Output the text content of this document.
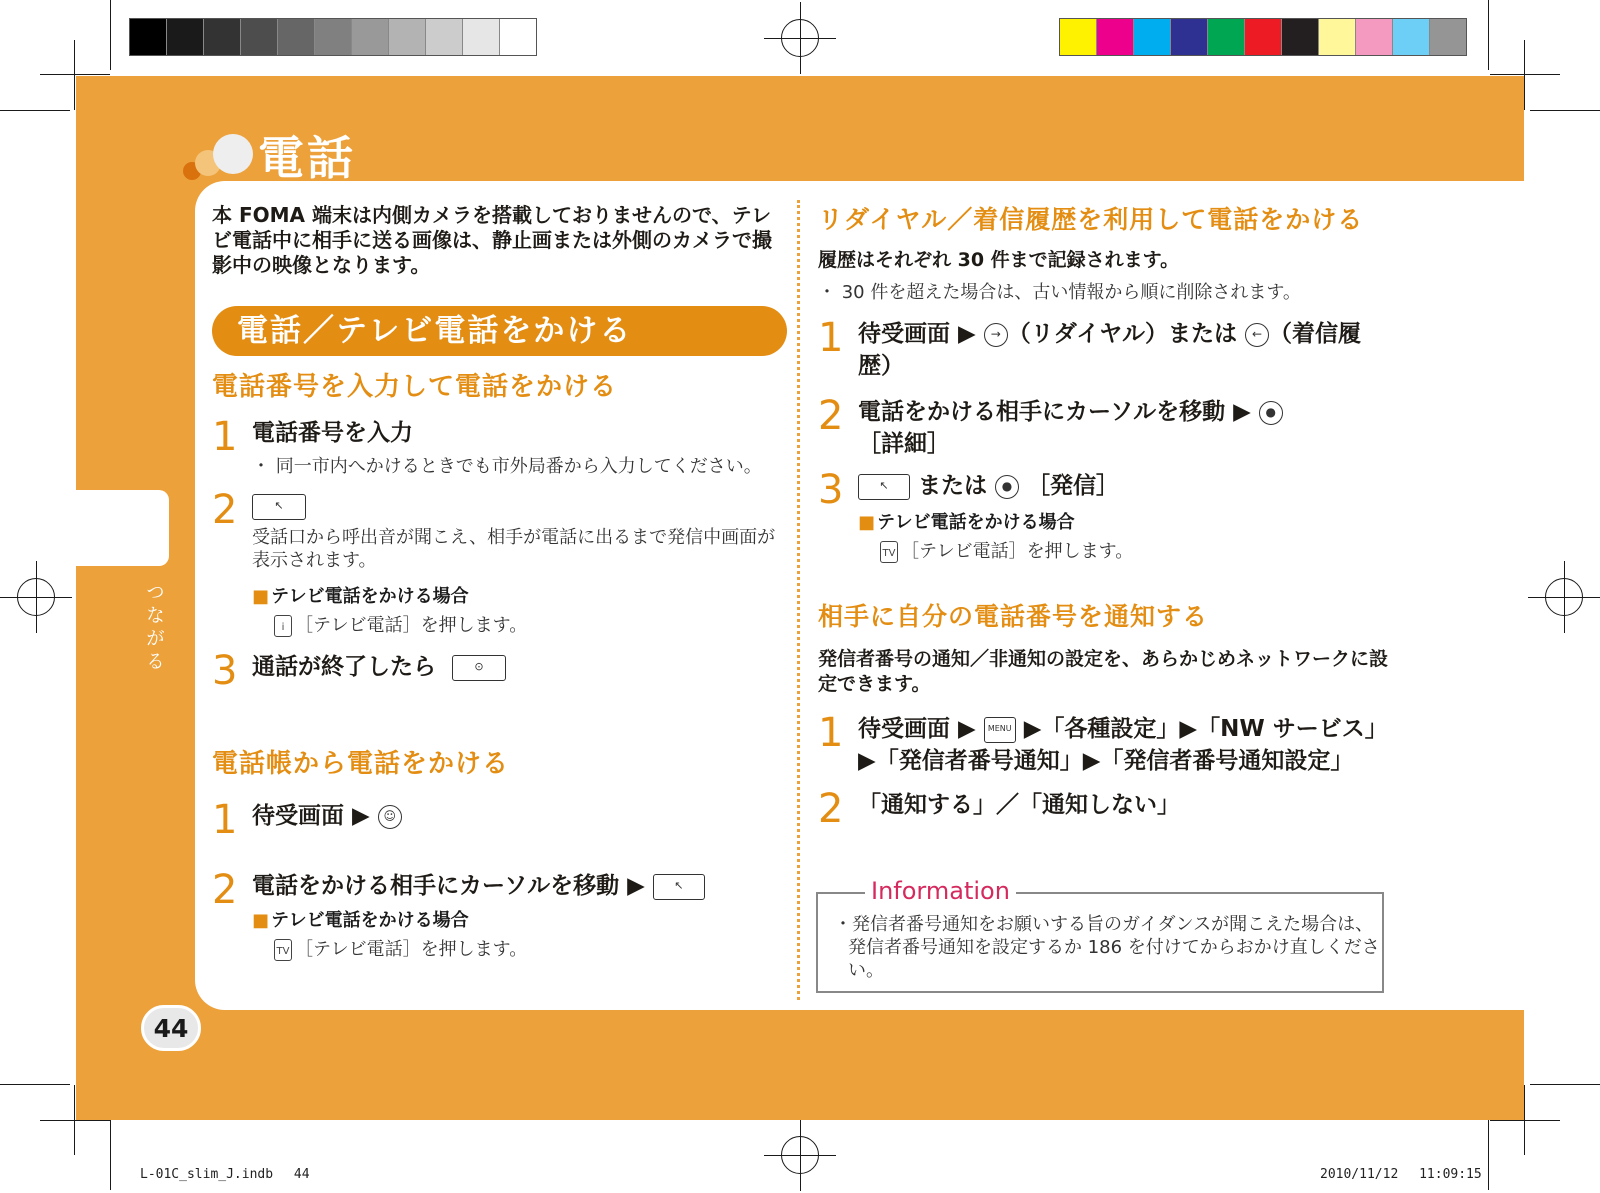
つながる
電話
44
本 FOMA 端末は内側カメラを搭載しておりませんので、テレビ電話中に相手に送る画像は、静止画または外側のカメラで撮影中の映像となります。
電話／テレビ電話をかける
電話番号を入力して電話をかける
1 電話番号を入力
・ 同一市内へかけるときでも市外局番から入力してください。
2	↖︎
受話口から呼出音が聞こえ、相手が電話に出るまで発信中画面が表示されます。
■ テレビ電話をかける場合
i ［テレビ電話］を押します。
3 通話が終了したら	⊙
電話帳から電話をかける
1 待受画面 ▶ ☺
2 電話をかける相手にカーソルを移動 ▶	↖︎
■ テレビ電話をかける場合
TV ［テレビ電話］を押します。
リダイヤル／着信履歴を利用して電話をかける
履歴はそれぞれ 30 件まで記録されます。
・ 30 件を超えた場合は、古い情報から順に削除されます。
1 待受画面 ▶ → （リダイヤル）または ← （着信履歴）
2 電話をかける相手にカーソルを移動 ▶ ●
［詳細］
3	↖︎ または ● ［発信］
■ テレビ電話をかける場合
TV ［テレビ電話］を押します。
相手に自分の電話番号を通知する
発信者番号の通知／非通知の設定を、あらかじめネットワークに設定できます。
1 待受画面 ▶ MENU ▶「各種設定」▶「NW サービス」▶「発信者番号通知」▶「発信者番号通知設定」
2 「通知する」／「通知しない」
Information
・発信者番号通知をお願いする旨のガイダンスが聞こえた場合は、発信者番号通知を設定するか 186 を付けてからおかけ直しください。
L-01C_slim_J.indb　 44	2010/11/12　 11:09:15
